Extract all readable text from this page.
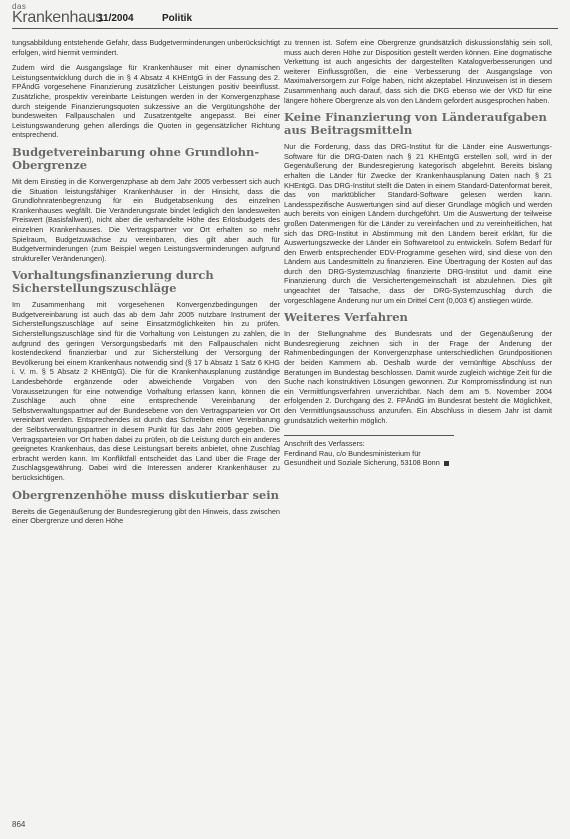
das
Krankenhaus
11/2004	Politik

tungsabbildung entstehende Gefahr, dass Budgetverminderungen unberücksichtigt erfolgen, wird hiermit vermindert.

Zudem wird die Ausgangslage für Krankenhäuser mit einer dynamischen Leistungsentwicklung durch die in § 4 Absatz 4 KHEntgG in der Fassung des 2. FPÄndG vorgesehene Finanzierung zusätzlicher Leistungen positiv beeinflusst. Zusätzliche, prospektiv vereinbarte Leistungen werden in der Konvergenzphase durch steigende Finanzierungsquoten sukzessive an die Vergütungshöhe der bundesweiten Fallpauschalen und Zusatzentgelte angepasst. Bei einer Leistungswanderung gehen allerdings die Quoten in gegensätzlicher Richtung entsprechend.

Budgetvereinbarung ohne Grundlohn-Obergrenze

Mit dem Einstieg in die Konvergenzphase ab dem Jahr 2005 verbessert sich auch die Situation leistungsfähiger Krankenhäuser in der Hinsicht, dass die Grundlohnratenbegrenzung für ein Budgetabsenkung des einzelnen Krankenhauses wegfällt. Die Veränderungsrate bindet lediglich den landesweiten Preiswert (Basisfallwert), nicht aber die verhandelte Höhe des Erlösbudgets des einzelnen Krankenhauses. Die Vertragspartner vor Ort erhalten so mehr Spielraum, Budgetzuwächse zu vereinbaren, dies gilt aber auch für Budgetverminderungen (zum Beispiel wegen Leistungsverminderungen aufgrund struktureller Veränderungen).

Vorhaltungsfinanzierung durch Sicherstellungszuschläge

Im Zusammenhang mit vorgesehenen Konvergenzbedingungen der Budgetvereinbarung ist auch das ab dem Jahr 2005 nutzbare Instrument der Sicherstellungszuschläge auf seine Einsatzmöglichkeiten hin zu prüfen. Sicherstellungszuschläge sind für die Vorhaltung von Leistungen zu zahlen, die aufgrund des geringen Versorgungsbedarfs mit den Fallpauschalen nicht kostendeckend finanzierbar und zur Sicherstellung der Versorgung der Bevölkerung bei einem Krankenhaus notwendig sind (§ 17 b Absatz 1 Satz 6 KHG i. V. m. § 5 Absatz 2 KHEntgG). Die für die Krankenhausplanung zuständige Landesbehörde ergänzende oder abweichende Vorgaben von den Voraussetzungen für eine notwendige Vorhaltung erlassen kann, können die Zuschläge auch ohne eine entsprechende Vereinbarung der Selbstverwaltungspartner auf der Bundesebene von den Vertragsparteien vor Ort vereinbart werden. Entsprechendes ist durch das Schreiben einer Vereinbarung der Selbstverwaltungspartner in diesem Punkt für das Jahr 2005 gegeben. Die Vertragsparteien vor Ort haben dabei zu prüfen, ob die Leistung durch ein anderes geeignetes Krankenhaus, das diese Leistungsart bereits anbietet, ohne Zuschlag erbracht werden kann. Im Konfliktfall entscheidet das Land über die Frage der Zuschlagsgewährung. Dabei wird die Interessen anderer Krankenhäuser zu berücksichtigen.

Obergrenzenhöhe muss diskutierbar sein

Bereits die Gegenäußerung der Bundesregierung gibt den Hinweis, dass zwischen einer Obergrenze und deren Höhe

zu trennen ist. Sofern eine Obergrenze grundsätzlich diskussionsfähig sein soll, muss auch deren Höhe zur Disposition gestellt werden können. Eine dogmatische Verkettung ist auch angesichts der dargestellten Katalogverbesserungen und weiterer Einflussgrößen, die eine Verbesserung der Ausgangslage von Maximalversorgern zur Folge haben, nicht akzeptabel. Hinzuweisen ist in diesem Zusammenhang auch darauf, dass sich die DKG ebenso wie der VKD für eine längere höhere Obergrenze als von den Ländern gefordert ausgesprochen haben.

Keine Finanzierung von Länderaufgaben aus Beitragsmitteln

Nur die Forderung, dass das DRG-Institut für die Länder eine Auswertungs-Software für die DRG-Daten nach § 21 KHEntgG erstellen soll, wird in der Gegenäußerung der Bundesregierung kategorisch abgelehnt. Bereits bislang erhalten die Länder für Zwecke der Krankenhausplanung Daten nach § 21 KHEntgG. Das DRG-Institut stellt die Daten in einem Standard-Datenformat bereit, das von marktüblicher Standard-Software gelesen werden kann. Landesspezifische Auswertungen sind auf dieser Grundlage möglich und werden auch bereits von einigen Ländern durchgeführt. Um die Auswertung der teilweise großen Datenmengen für die Länder zu vereinfachen und zu vereinheitlichen, hat sich das DRG-Institut in Abstimmung mit den Ländern bereit erklärt, für die Auswertungszwecke der Länder ein Softwaretool zu entwickeln. Sofern Bedarf für den Erwerb entsprechender EDV-Programme gesehen wird, sind diese von den Ländern aus Landesmitteln zu finanzieren. Eine Übertragung der Kosten auf das durch den DRG-Systemzuschlag finanzierte DRG-Institut und damit eine Finanzierung durch die Versichertengemeinschaft ist abzulehnen. Dies gilt ungeachtet der Tatsache, dass der DRG-Systemzuschlag durch die vorgeschlagene Änderung nur um ein Drittel Cent (0,003 €) anstiegen würde.

Weiteres Verfahren

In der Stellungnahme des Bundesrats und der Gegenäußerung der Bundesregierung zeichnen sich in der Frage der Änderung der Rahmenbedingungen der Konvergenzphase unterschiedlichen Grundpositionen der beiden Kammern ab. Deshalb wurde der vernünftige Abschluss der Beratungen im Bundestag beschlossen. Damit wurde zugleich wichtige Zeit für die Suche nach konstruktiven Lösungen gewonnen. Zur Kompromissfindung ist nun ein Vermittlungsverfahren unverzichtbar. Nach dem am 5. November 2004 erfolgenden 2. Durchgang des 2. FPÄndG im Bundesrat besteht die Möglichkeit, den Vermittlungsausschuss anzurufen. Ein Abschluss in diesem Jahr ist damit grundsätzlich weiterhin möglich.

Anschrift des Verfassers:

Ferdinand Rau, c/o Bundesministerium für Gesundheit und Soziale Sicherung, 53108 Bonn

864
